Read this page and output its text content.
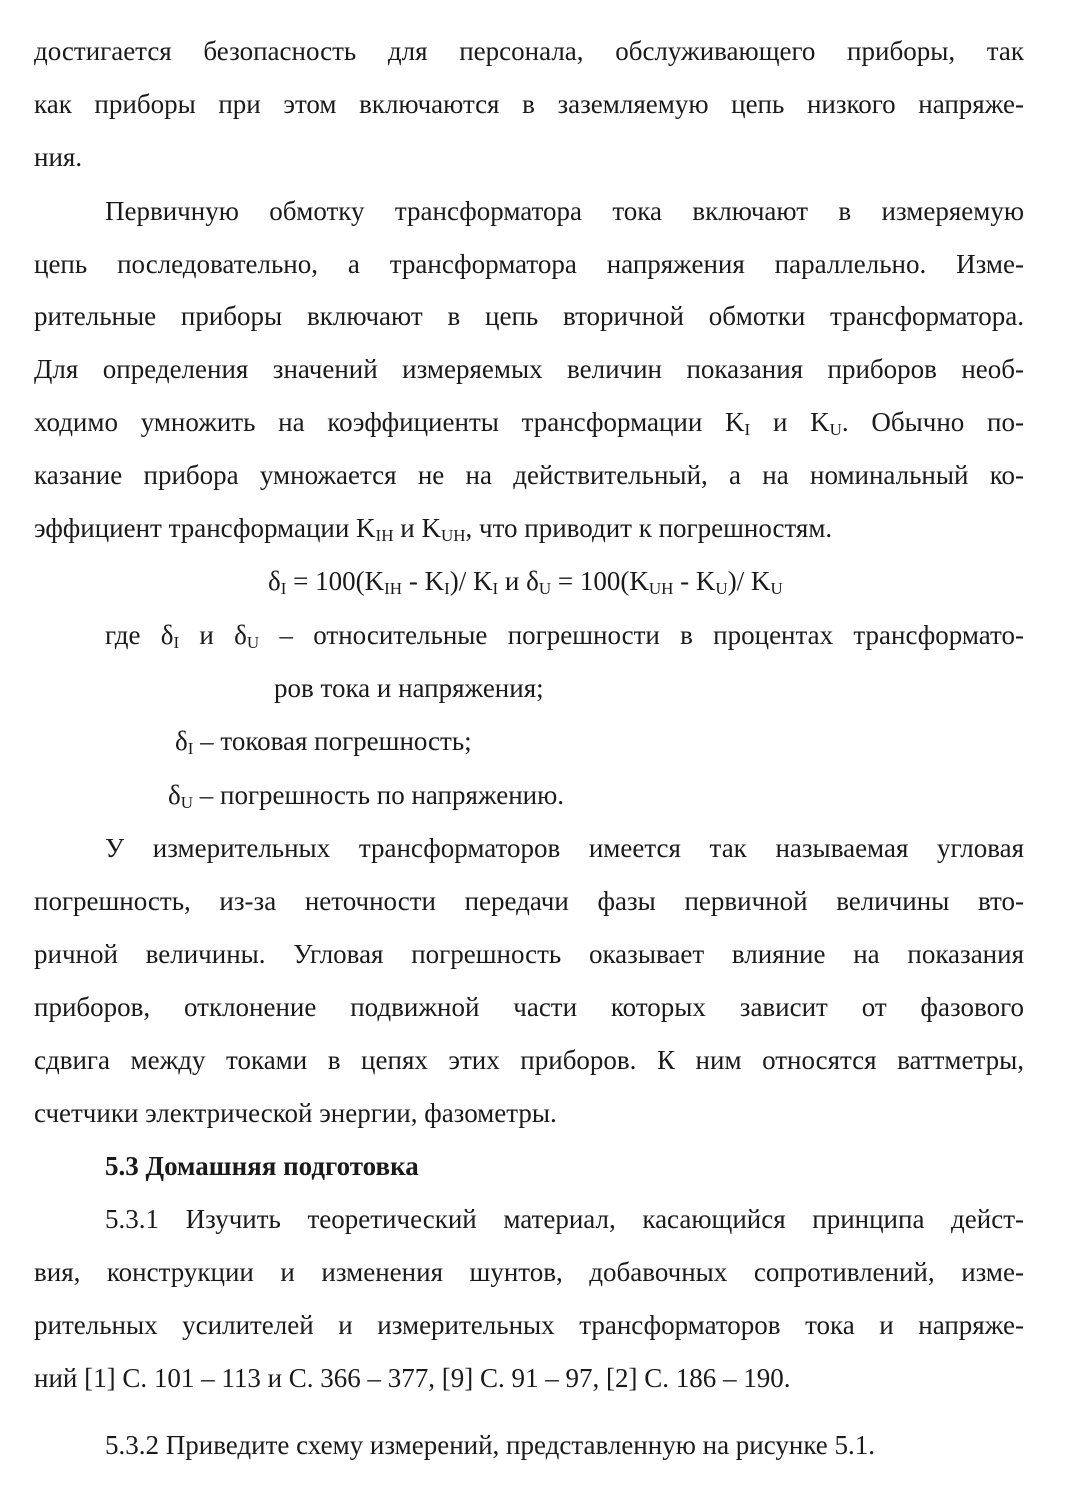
достигается безопасность для персонала, обслуживающего приборы, так
как приборы при этом включаются в заземляемую цепь низкого напряже-
ния.
Первичную обмотку трансформатора тока включают в измеряемую
цепь последовательно, а трансформатора напряжения параллельно. Изме-
рительные приборы включают в цепь вторичной обмотки трансформатора.
Для определения значений измеряемых величин показания приборов необ-
ходимо умножить на коэффициенты трансформации $K_I$ и $K_U$. Обычно по-
казание прибора умножается не на действительный, а на номинальный ко-
эффициент трансформации $K_{IH}$ и $K_{UH}$, что приводит к погрешностям.
$\delta_I = 100(K_{IH} - K_I)/$ $K_I$ и $\delta_U = 100(K_{UH} - K_U)/$ $K_U$
где $\delta_I$ и $\delta_U$ – относительные погрешности в процентах трансформато-
ров тока и напряжения;
$\delta_I$ – токовая погрешность;
$\delta_U$ – погрешность по напряжению.
У измерительных трансформаторов имеется так называемая угловая
погрешность, из-за неточности передачи фазы первичной величины вто-
ричной величины. Угловая погрешность оказывает влияние на показания
приборов, отклонение подвижной части которых зависит от фазового
сдвига между токами в цепях этих приборов. К ним относятся ваттметры,
счетчики электрической энергии, фазометры.
5.3 Домашняя подготовка
5.3.1 Изучить теоретический материал, касающийся принципа дейст-
вия, конструкции и изменения шунтов, добавочных сопротивлений, изме-
рительных усилителей и измерительных трансформаторов тока и напряже-
ний [1] С. 101 – 113 и С. 366 – 377, [9] С. 91 – 97, [2] С. 186 – 190.
5.3.2 Приведите схему измерений, представленную на рисунке 5.1.
